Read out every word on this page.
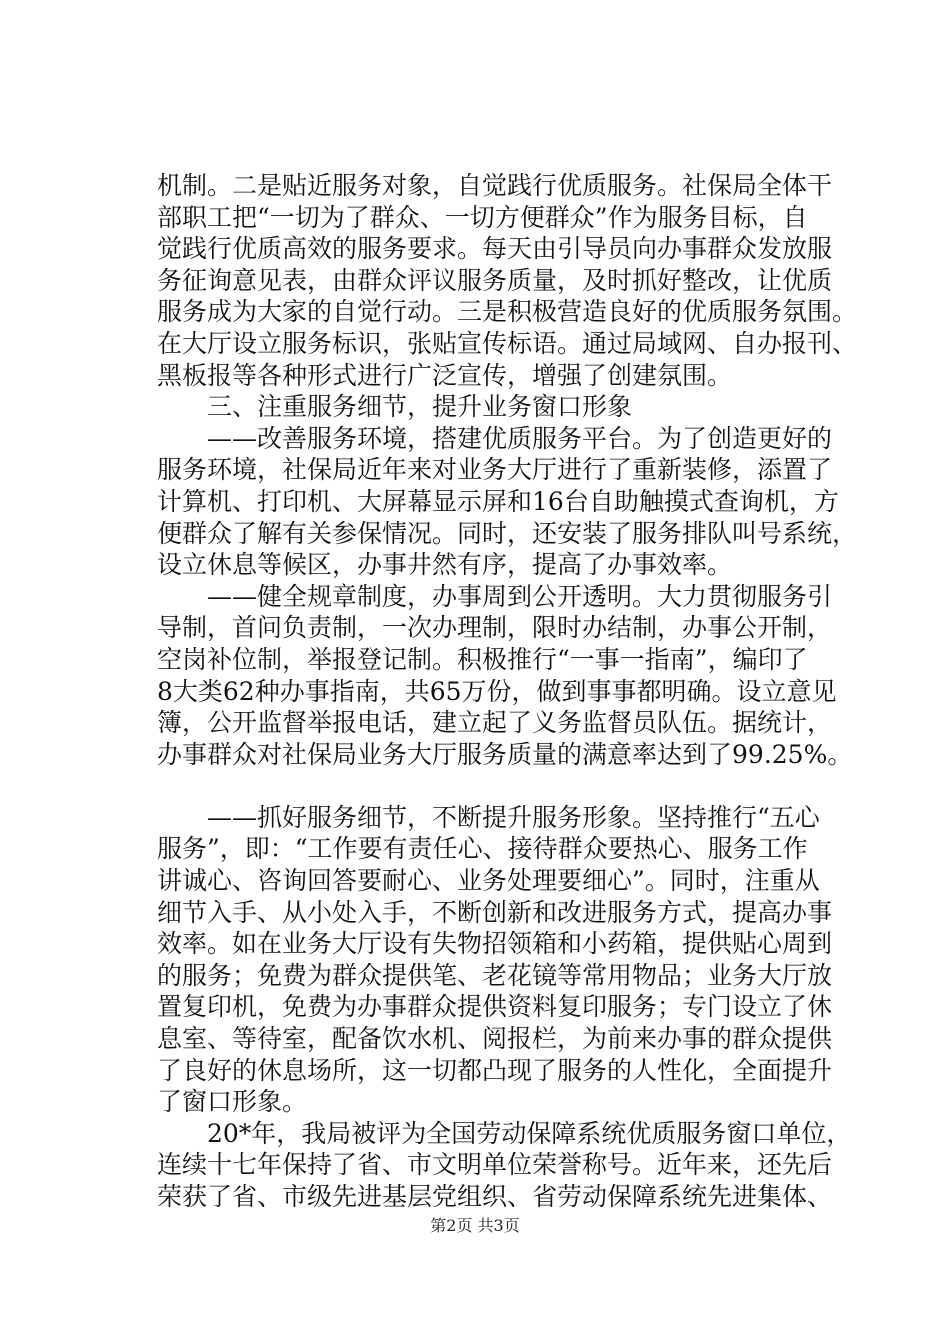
机制。二是贴近服务对象，自觉践行优质服务。社保局全体干
部职工把“一切为了群众、一切方便群众”作为服务目标，自
觉践行优质高效的服务要求。每天由引导员向办事群众发放服
务征询意见表，由群众评议服务质量，及时抓好整改，让优质
服务成为大家的自觉行动。三是积极营造良好的优质服务氛围。
在大厅设立服务标识，张贴宣传标语。通过局域网、自办报刊、
黑板报等各种形式进行广泛宣传，增强了创建氛围。
　　三、注重服务细节，提升业务窗口形象
　　——改善服务环境，搭建优质服务平台。为了创造更好的
服务环境，社保局近年来对业务大厅进行了重新装修，添置了
计算机、打印机、大屏幕显示屏和16台自助触摸式查询机，方
便群众了解有关参保情况。同时，还安装了服务排队叫号系统，
设立休息等候区，办事井然有序，提高了办事效率。
　　——健全规章制度，办事周到公开透明。大力贯彻服务引
导制，首问负责制，一次办理制，限时办结制，办事公开制，
空岗补位制，举报登记制。积极推行“一事一指南”，编印了
8大类62种办事指南，共65万份，做到事事都明确。设立意见
簿，公开监督举报电话，建立起了义务监督员队伍。据统计，
办事群众对社保局业务大厅服务质量的满意率达到了99.25%。
　　——抓好服务细节，不断提升服务形象。坚持推行“五心
服务”，即：“工作要有责任心、接待群众要热心、服务工作
讲诚心、咨询回答要耐心、业务处理要细心”。同时，注重从
细节入手、从小处入手，不断创新和改进服务方式，提高办事
效率。如在业务大厅设有失物招领箱和小药箱，提供贴心周到
的服务；免费为群众提供笔、老花镜等常用物品；业务大厅放
置复印机，免费为办事群众提供资料复印服务；专门设立了休
息室、等待室，配备饮水机、阅报栏，为前来办事的群众提供
了良好的休息场所，这一切都凸现了服务的人性化，全面提升
了窗口形象。
　　20*年，我局被评为全国劳动保障系统优质服务窗口单位，
连续十七年保持了省、市文明单位荣誉称号。近年来，还先后
荣获了省、市级先进基层党组织、省劳动保障系统先进集体、
第2页 共3页
